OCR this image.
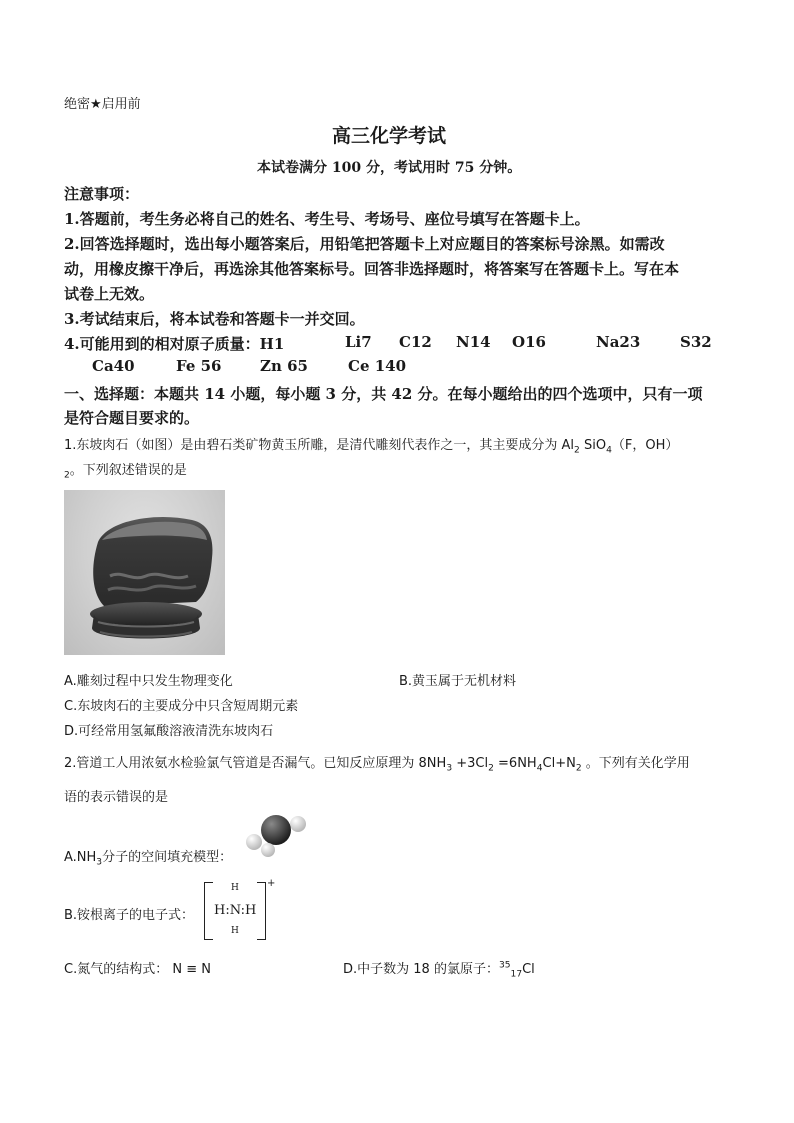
绝密★启用前
高三化学考试
本试卷满分 100 分，考试用时 75 分钟。
注意事项：
1.答题前，考生务必将自己的姓名、考生号、考场号、座位号填写在答题卡上。
2.回答选择题时，选出每小题答案后，用铅笔把答题卡上对应题目的答案标号涂黑。如需改
动，用橡皮擦干净后，再选涂其他答案标号。回答非选择题时，将答案写在答题卡上。写在本
试卷上无效。
3.考试结束后，将本试卷和答题卡一并交回。
4.可能用到的相对原子质量：H1	Li7 C12 N14 O16	Na23	S32
Ca40	Fe 56	Zn 65	Ce 140
一、选择题：本题共 14 小题，每小题 3 分，共 42 分。在每小题给出的四个选项中，只有一项
是符合题目要求的。
1.东坡肉石（如图）是由碧石类矿物黄玉所雕，是清代雕刻代表作之一，其主要成分为 $Al_2$ SiO$_4$（F，OH）
$_2$。下列叙述错误的是
A.雕刻过程中只发生物理变化	B.黄玉属于无机材料
C.东坡肉石的主要成分中只含短周期元素
D.可经常用氢氟酸溶液清洗东坡肉石
2.管道工人用浓氨水检验氯气管道是否漏气。已知反应原理为 $8NH_3 +3Cl_2 =6NH_4Cl+N_2$ 。下列有关化学用
语的表示错误的是
$A.NH_3$分子的空间填充模型：
B.铵根离子的电子式：
H
H:N:H
H
+
C.氮气的结构式： N ≡ N	D.中子数为 18 的氯原子：$^{35}_{17}$Cl
